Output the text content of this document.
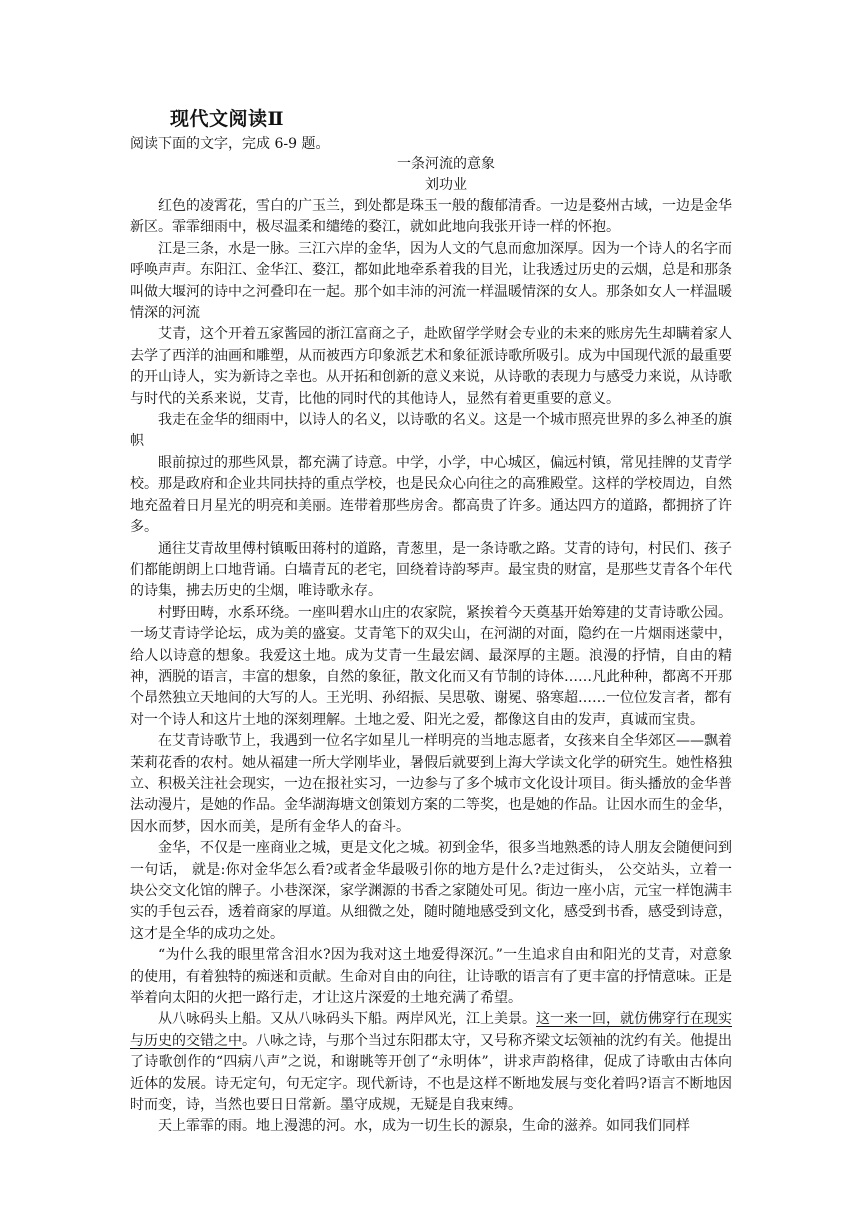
现代文阅读Ⅱ

阅读下面的文字，完成 6-9 题。

一条河流的意象

刘功业

红色的凌霄花，雪白的广玉兰，到处都是珠玉一般的馥郁清香。一边是婺州古域，一边是金华新区。霏霏细雨中，极尽温柔和缱绻的婺江，就如此地向我张开诗一样的怀抱。

江是三条，水是一脉。三江六岸的金华，因为人文的气息而愈加深厚。因为一个诗人的名字而呼唤声声。东阳江、金华江、婺江，都如此地牵系着我的目光，让我透过历史的云烟，总是和那条叫做大堰河的诗中之河叠印在一起。那个如丰沛的河流一样温暖情深的女人。那条如女人一样温暖情深的河流

艾青，这个开着五家酱园的浙江富商之子，赴欧留学学财会专业的未来的账房先生却瞒着家人去学了西洋的油画和雕塑，从而被西方印象派艺术和象征派诗歌所吸引。成为中国现代派的最重要的开山诗人，实为新诗之幸也。从开拓和创新的意义来说，从诗歌的表现力与感受力来说，从诗歌与时代的关系来说，艾青，比他的同时代的其他诗人，显然有着更重要的意义。

我走在金华的细雨中，以诗人的名义，以诗歌的名义。这是一个城市照亮世界的多么神圣的旗帜

眼前掠过的那些风景，都充满了诗意。中学，小学，中心城区，偏远村镇，常见挂牌的艾青学校。那是政府和企业共同扶持的重点学校，也是民众心向往之的高雅殿堂。这样的学校周边，自然地充盈着日月星光的明亮和美丽。连带着那些房舍。都高贵了许多。通达四方的道路，都拥挤了许多。

通往艾青故里傅村镇畈田蒋村的道路，青葱里，是一条诗歌之路。艾青的诗句，村民们、孩子们都能朗朗上口地背诵。白墙青瓦的老宅，回绕着诗韵琴声。最宝贵的财富，是那些艾青各个年代的诗集，拂去历史的尘烟，唯诗歌永存。

村野田畴，水系环绕。一座叫碧水山庄的农家院，紧挨着今天奠基开始筹建的艾青诗歌公园。一场艾青诗学论坛，成为美的盛宴。艾青笔下的双尖山，在河湖的对面，隐约在一片烟雨迷蒙中，给人以诗意的想象。我爱这土地。成为艾青一生最宏阔、最深厚的主题。浪漫的抒情，自由的精神，洒脱的语言，丰富的想象，自然的象征，散文化而又有节制的诗体……凡此种种，都离不开那个昂然独立天地间的大写的人。王光明、孙绍振、吴思敬、谢冕、骆寒超……一位位发言者，都有对一个诗人和这片土地的深刻理解。土地之爱、阳光之爱，都像这自由的发声，真诚而宝贵。

在艾青诗歌节上，我遇到一位名字如星儿一样明亮的当地志愿者，女孩来自全华郊区——飘着茉莉花香的农村。她从福建一所大学刚毕业，暑假后就要到上海大学读文化学的研究生。她性格独立、积极关注社会现实，一边在报社实习，一边参与了多个城市文化设计项目。街头播放的金华普法动漫片，是她的作品。金华湖海塘文创策划方案的二等奖，也是她的作品。让因水而生的金华，因水而梦，因水而美，是所有金华人的奋斗。

金华，不仅是一座商业之城，更是文化之城。初到金华，很多当地熟悉的诗人朋友会随便问到一句话， 就是:你对金华怎么看?或者金华最吸引你的地方是什么?走过街头， 公交站头，立着一块公交文化馆的牌子。小巷深深，家学渊源的书香之家随处可见。街边一座小店，元宝一样饱满丰实的手包云吞，透着商家的厚道。从细微之处，随时随地感受到文化，感受到书香，感受到诗意，这才是全华的成功之处。

“为什么我的眼里常含泪水?因为我对这土地爱得深沉。”一生追求自由和阳光的艾青，对意象的使用，有着独特的痴迷和贡献。生命对自由的向往，让诗歌的语言有了更丰富的抒情意味。正是举着向太阳的火把一路行走，才让这片深爱的土地充满了希望。

从八咏码头上船。又从八咏码头下船。两岸风光，江上美景。这一来一回，就仿佛穿行在现实与历史的交错之中。八咏之诗，与那个当过东阳郡太守，又号称齐梁文坛领袖的沈约有关。他提出了诗歌创作的“四病八声”之说，和谢眺等开创了“永明体”，讲求声韵格律，促成了诗歌由古体向近体的发展。诗无定句，句无定字。现代新诗，不也是这样不断地发展与变化着吗?语言不断地因时而变，诗，当然也要日日常新。墨守成规，无疑是自我束缚。

天上霏霏的雨。地上漫漶的河。水，成为一切生长的源泉，生命的滋养。如同我们同样
